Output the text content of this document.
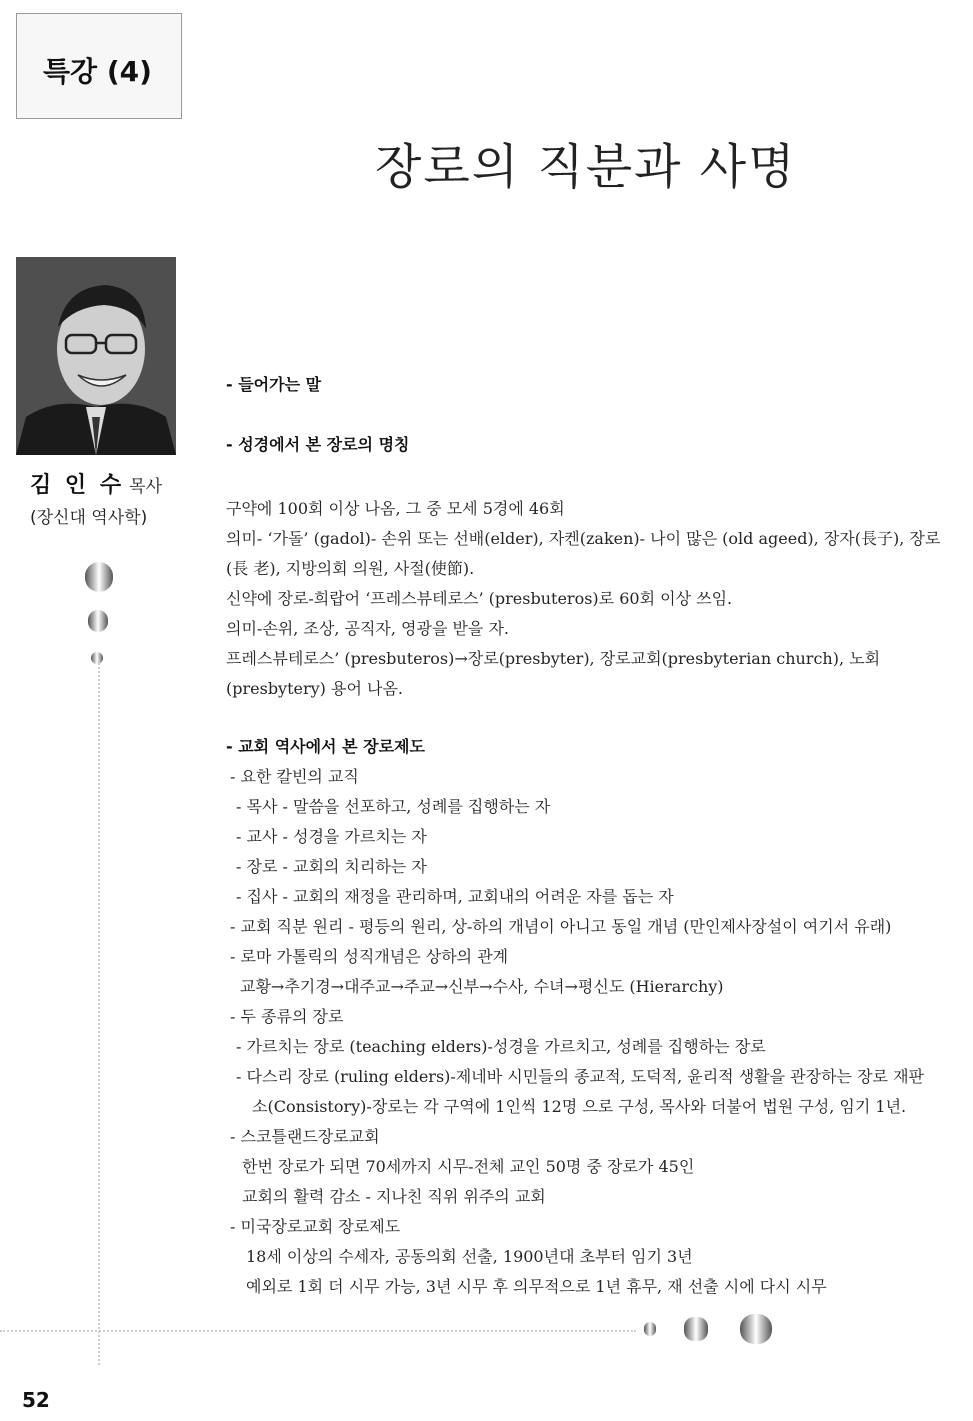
특강 (4)
장로의 직분과 사명
김 인 수 목사
(장신대 역사학)
52
- 들어가는 말
- 성경에서 본 장로의 명칭
구약에 100회 이상 나옴, 그 중 모세 5경에 46회
의미- ‘가돌’ (gadol)- 손위 또는 선배(elder), 자켄(zaken)- 나이 많은 (old ageed), 장자(長子), 장로
(長 老), 지방의회 의원, 사절(使節).
신약에 장로-희랍어 ‘프레스뷰테로스’ (presbuteros)로 60회 이상 쓰임.
의미-손위, 조상, 공직자, 영광을 받을 자.
프레스뷰테로스’ (presbuteros)→장로(presbyter), 장로교회(presbyterian church), 노회
(presbytery) 용어 나옴.
- 교회 역사에서 본 장로제도
- 요한 칼빈의 교직
- 목사 - 말씀을 선포하고, 성례를 집행하는 자
- 교사 - 성경을 가르치는 자
- 장로 - 교회의 치리하는 자
- 집사 - 교회의 재정을 관리하며, 교회내의 어려운 자를 돕는 자
- 교회 직분 원리 - 평등의 원리, 상-하의 개념이 아니고 동일 개념 (만인제사장설이 여기서 유래)
- 로마 가톨릭의 성직개념은 상하의 관계
교황→추기경→대주교→주교→신부→수사, 수녀→평신도 (Hierarchy)
- 두 종류의 장로
- 가르치는 장로 (teaching elders)-성경을 가르치고, 성례를 집행하는 장로
- 다스리 장로 (ruling elders)-제네바 시민들의 종교적, 도덕적, 윤리적 생활을 관장하는 장로 재판
소(Consistory)-장로는 각 구역에 1인씩 12명 으로 구성, 목사와 더불어 법원 구성, 임기 1년.
- 스코틀랜드장로교회
한번 장로가 되면 70세까지 시무-전체 교인 50명 중 장로가 45인
교회의 활력 감소 - 지나친 직위 위주의 교회
- 미국장로교회 장로제도
18세 이상의 수세자, 공동의회 선출, 1900년대 초부터 임기 3년
예외로 1회 더 시무 가능, 3년 시무 후 의무적으로 1년 휴무, 재 선출 시에 다시 시무
